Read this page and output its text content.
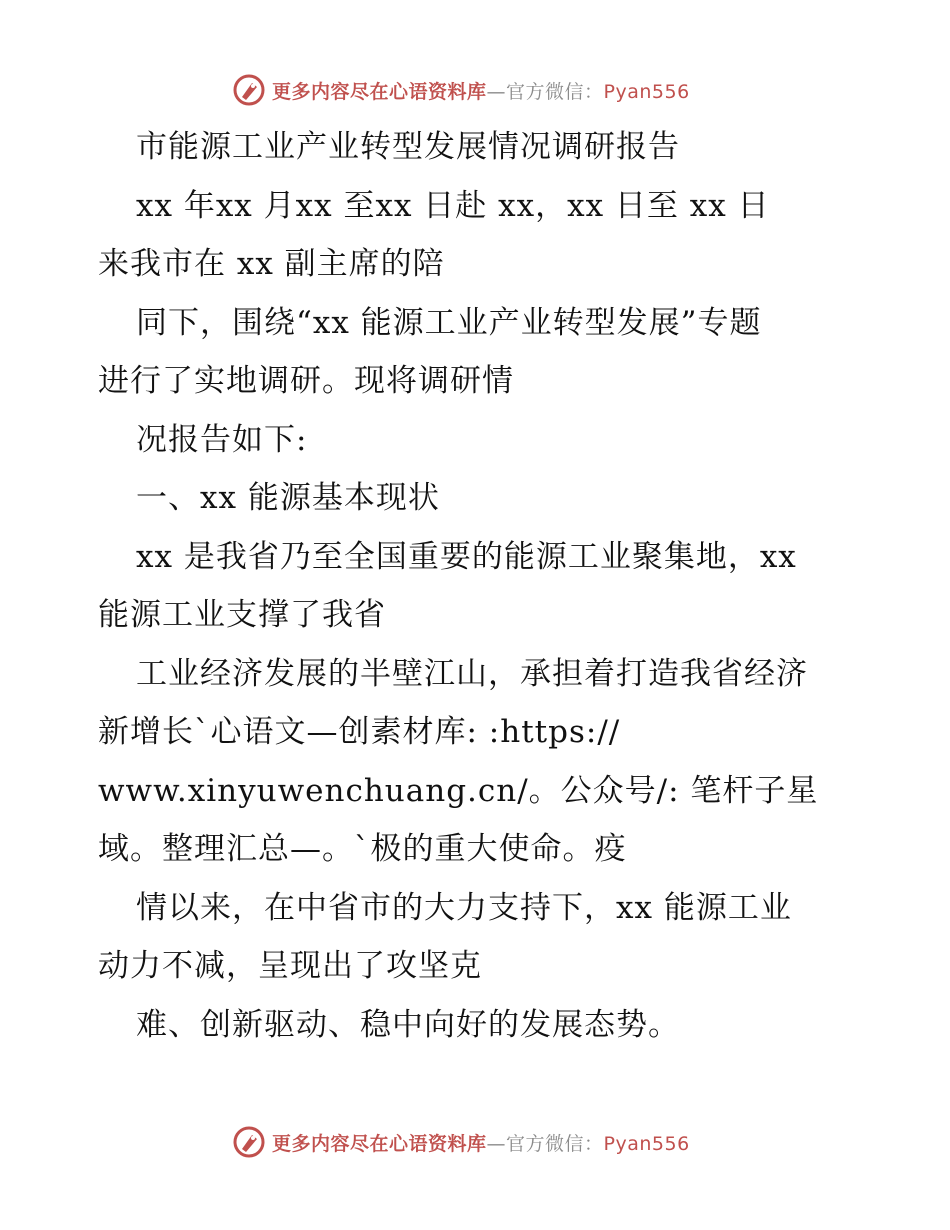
更多内容尽在心语资料库—官方微信：Pyan556
市能源工业产业转型发展情况调研报告
xx 年xx 月xx 至xx 日赴 xx，xx 日至 xx 日
来我市在 xx 副主席的陪
同下，围绕“xx 能源工业产业转型发展”专题
进行了实地调研。现将调研情
况报告如下:
一、xx 能源基本现状
xx 是我省乃至全国重要的能源工业聚集地，xx
能源工业支撑了我省
工业经济发展的半壁江山，承担着打造我省经济
新增长`心语文—创素材库: :https://
www.xinyuwenchuang.cn/。公众号/: 笔杆子星
域。整理汇总—。`极的重大使命。疫
情以来，在中省市的大力支持下，xx 能源工业
动力不减，呈现出了攻坚克
难、创新驱动、稳中向好的发展态势。
更多内容尽在心语资料库—官方微信：Pyan556
